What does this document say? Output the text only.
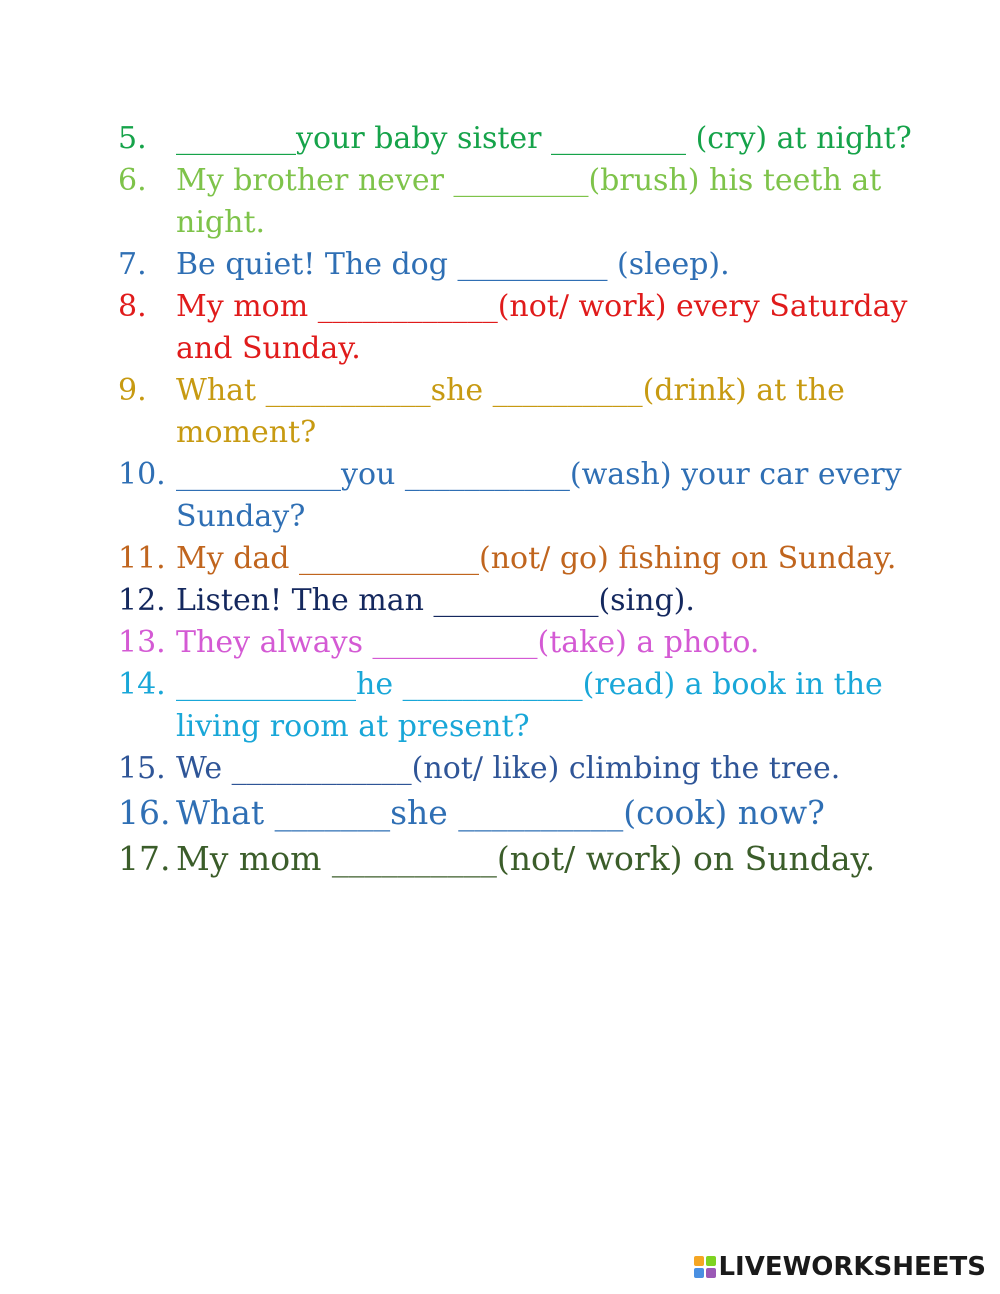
5. ________your baby sister _________ (cry) at night?
6. My brother never _________(brush) his teeth at night.
7. Be quiet! The dog __________ (sleep).
8. My mom ____________(not/ work) every Saturday and Sunday.
9. What ___________she __________(drink) at the moment?
10. ___________you ___________(wash) your car every Sunday?
11. My dad ____________(not/ go) fishing on Sunday.
12. Listen! The man ___________(sing).
13. They always ___________(take) a photo.
14. ____________he ____________(read) a book in the living room at present?
15. We ____________(not/ like) climbing the tree.
16. What _______she __________(cook) now?
17. My mom __________(not/ work) on Sunday.
LIVEWORKSHEETS
